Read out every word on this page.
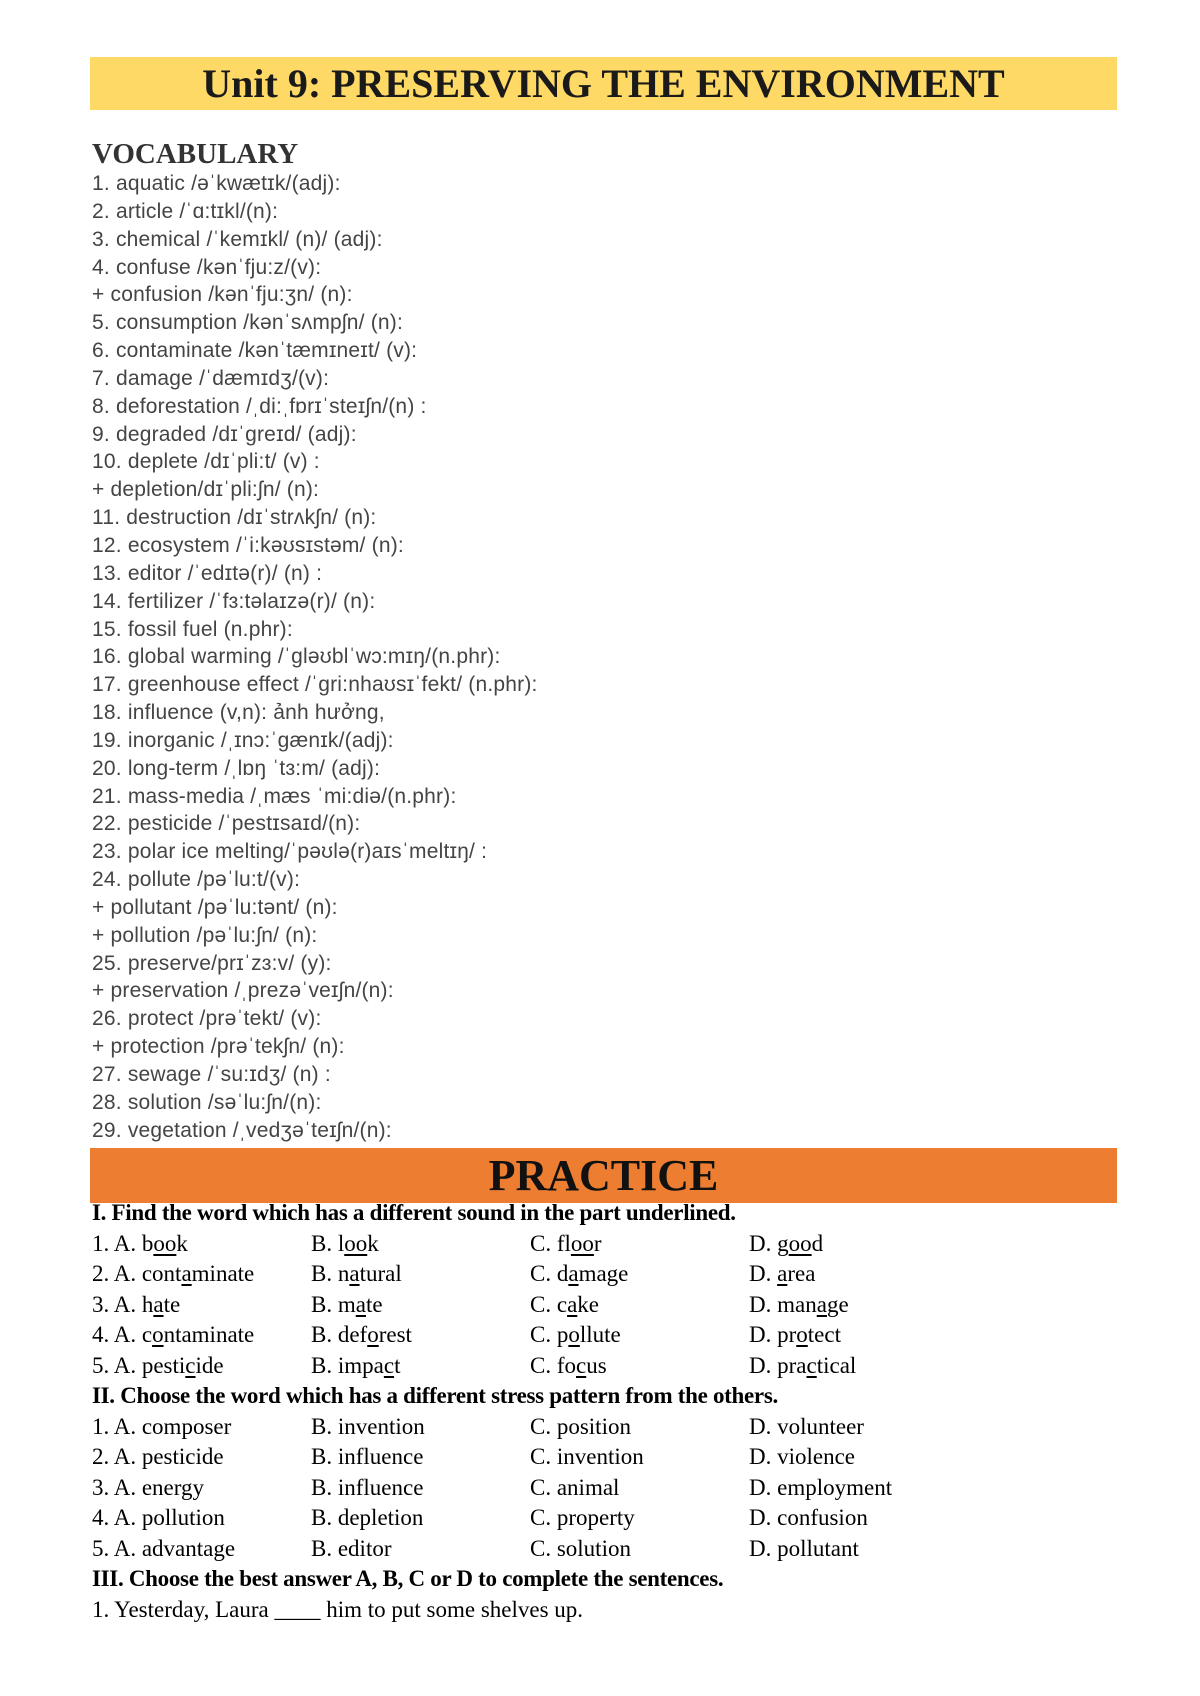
Unit 9: PRESERVING THE ENVIRONMENT
VOCABULARY
1. aquatic /əˈkwætɪk/(adj):
2. article /ˈɑ:tɪkl/(n):
3. chemical /ˈkemɪkl/ (n)/ (adj):
4. confuse /kənˈfju:z/(v):
+ confusion /kənˈfju:ʒn/ (n):
5. consumption /kənˈsʌmpʃn/ (n):
6. contaminate /kənˈtæmɪneɪt/ (v):
7. damage /ˈdæmɪdʒ/(v):
8. deforestation /ˌdi:ˌfɒrɪˈsteɪʃn/(n) :
9. degraded /dɪˈgreɪd/ (adj):
10. deplete /dɪˈpli:t/ (v) :
+ depletion/dɪˈpli:ʃn/ (n):
11. destruction /dɪˈstrʌkʃn/ (n):
12. ecosystem /ˈi:kəʊsɪstəm/ (n):
13. editor /ˈedɪtə(r)/ (n) :
14. fertilizer /ˈfɜ:təlaɪzə(r)/ (n):
15. fossil fuel (n.phr):
16. global warming /ˈgləʊblˈwɔ:mɪŋ/(n.phr):
17. greenhouse effect /ˈgri:nhaʊsɪˈfekt/ (n.phr):
18. influence (v,n): ảnh hưởng,
19. inorganic /ˌɪnɔ:ˈgænɪk/(adj):
20. long-term /ˌlɒŋ ˈtɜ:m/ (adj):
21. mass-media /ˌmæs ˈmi:diə/(n.phr):
22. pesticide /ˈpestɪsaɪd/(n):
23. polar ice melting/ˈpəʊlə(r)aɪsˈmeltɪŋ/ :
24. pollute /pəˈlu:t/(v):
+ pollutant /pəˈlu:tənt/ (n):
+ pollution /pəˈlu:ʃn/ (n):
25. preserve/prɪˈzɜ:v/ (y):
+ preservation /ˌprezəˈveɪʃn/(n):
26. protect /prəˈtekt/ (v):
+ protection /prəˈtekʃn/ (n):
27. sewage /ˈsu:ɪdʒ/ (n) :
28. solution /səˈlu:ʃn/(n):
29. vegetation /ˌvedʒəˈteɪʃn/(n):
PRACTICE
I. Find the word which has a different sound in the part underlined.
1. A. book	B. look	C. floor	D. good
2. A. contaminate	B. natural	C. damage	D. area
3. A. hate	B. mate	C. cake	D. manage
4. A. contaminate	B. deforest	C. pollute	D. protect
5. A. pesticide	B. impact	C. focus	D. practical
II. Choose the word which has a different stress pattern from the others.
1. A. composer	B. invention	C. position	D. volunteer
2. A. pesticide	B. influence	C. invention	D. violence
3. A. energy	B. influence	C. animal	D. employment
4. A. pollution	B. depletion	C. property	D. confusion
5. A. advantage	B. editor	C. solution	D. pollutant
III. Choose the best answer A, B, C or D to complete the sentences.
1. Yesterday, Laura ____ him to put some shelves up.
